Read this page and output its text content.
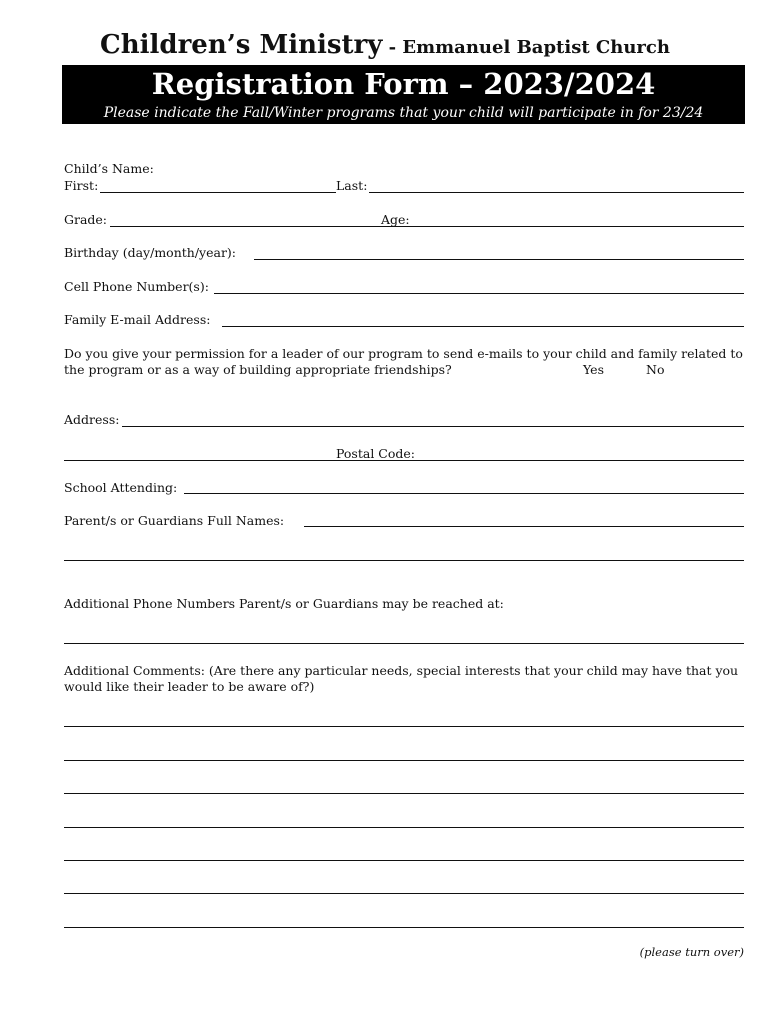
Children’s Ministry - Emmanuel Baptist Church
Registration Form – 2023/2024
Please indicate the Fall/Winter programs that your child will participate in for 23/24
Child’s Name:
First:	Last:
Grade:	Age:
Birthday (day/month/year):
Cell Phone Number(s):
Family E-mail Address:
Do you give your permission for a leader of our program to send e-mails to your child and family related to the program or as a way of building appropriate friendships?	Yes	No
Address:
Postal Code:
School Attending:
Parent/s or Guardians Full Names:
Additional Phone Numbers Parent/s or Guardians may be reached at:
Additional Comments: (Are there any particular needs, special interests that your child may have that you would like their leader to be aware of?)
(please turn over)
